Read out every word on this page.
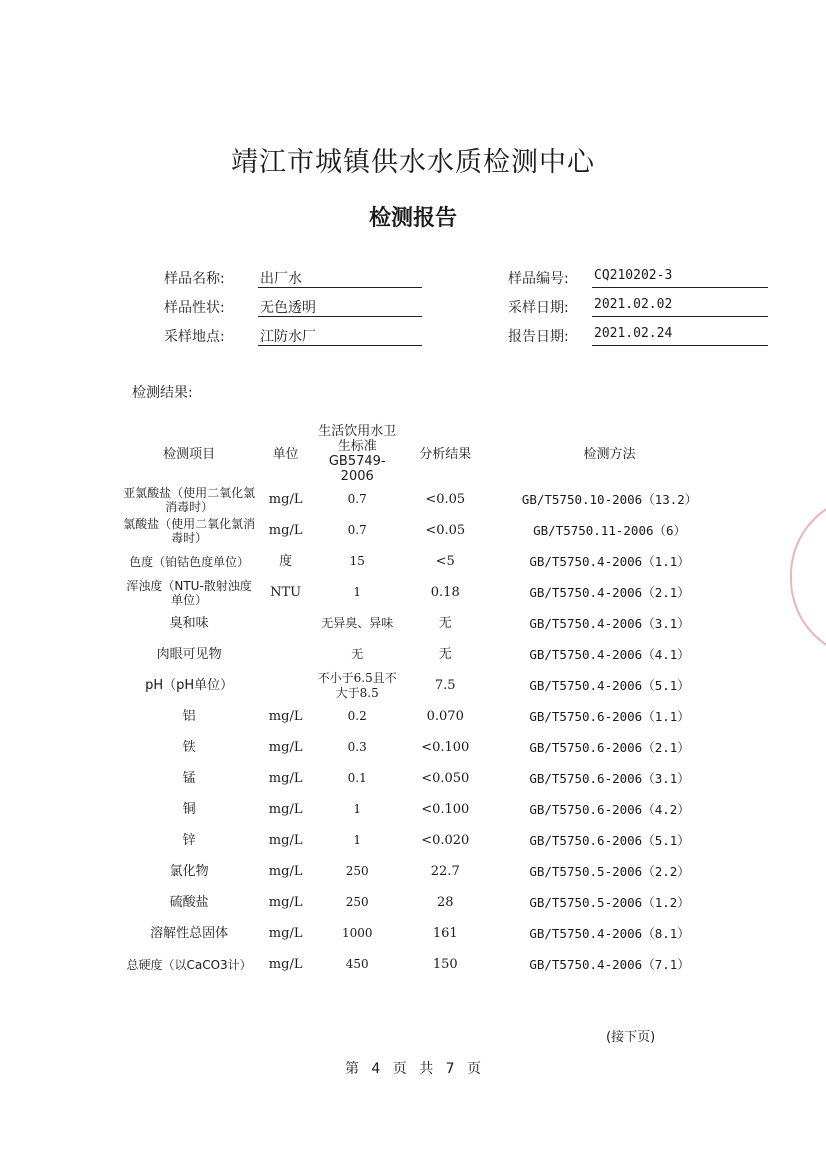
靖江市城镇供水水质检测中心
检测报告
样品名称:	出厂水
样品性状:	无色透明
采样地点:	江防水厂
样品编号: CQ210202-3
采样日期: 2021.02.02
报告日期: 2021.02.24
检测结果:
检测项目	单位	生活饮用水卫生标准GB5749-2006	分析结果	检测方法
亚氯酸盐（使用二氧化氯消毒时）	mg/L	0.7	<0.05	GB/T5750.10-2006（13.2）
氯酸盐（使用二氧化氯消毒时）	mg/L	0.7	<0.05	GB/T5750.11-2006（6）
色度（铂钴色度单位）	度	15	<5	GB/T5750.4-2006（1.1）
浑浊度（NTU-散射浊度单位）	NTU	1	0.18	GB/T5750.4-2006（2.1）
臭和味		无异臭、异味	无	GB/T5750.4-2006（3.1）
肉眼可见物		无	无	GB/T5750.4-2006（4.1）
pH（pH单位）		不小于6.5且不大于8.5	7.5	GB/T5750.4-2006（5.1）
铝	mg/L	0.2	0.070	GB/T5750.6-2006（1.1）
铁	mg/L	0.3	<0.100	GB/T5750.6-2006（2.1）
锰	mg/L	0.1	<0.050	GB/T5750.6-2006（3.1）
铜	mg/L	1	<0.100	GB/T5750.6-2006（4.2）
锌	mg/L	1	<0.020	GB/T5750.6-2006（5.1）
氯化物	mg/L	250	22.7	GB/T5750.5-2006（2.2）
硫酸盐	mg/L	250	28	GB/T5750.5-2006（1.2）
溶解性总固体	mg/L	1000	161	GB/T5750.4-2006（8.1）
总硬度（以CaCO3计）	mg/L	450	150	GB/T5750.4-2006（7.1）
(接下页)
第 4 页 共 7 页
